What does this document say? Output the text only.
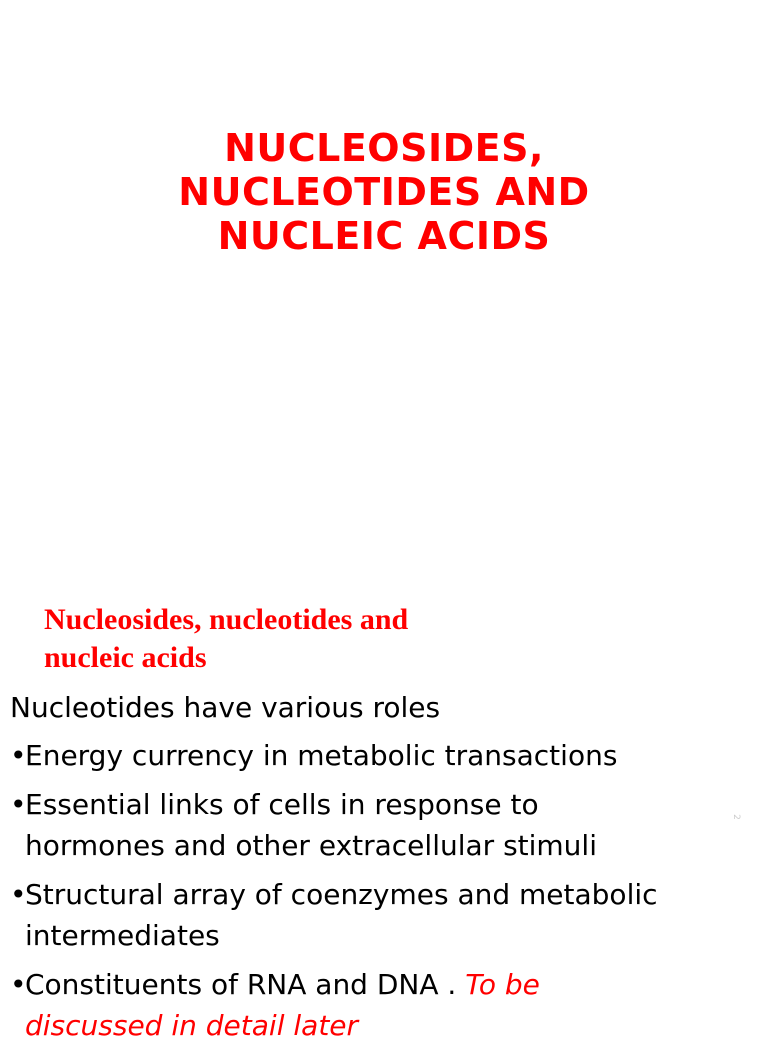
NUCLEOSIDES,
NUCLEOTIDES AND
NUCLEIC ACIDS
Nucleosides, nucleotides and
nucleic acids

Nucleotides have various roles

•
Energy currency in metabolic transactions
•
Essential links of cells in response to
hormones and other extracellular stimuli
•
Structural array of coenzymes and metabolic
intermediates
•
Constituents of RNA and DNA . To be
discussed in detail later
2
